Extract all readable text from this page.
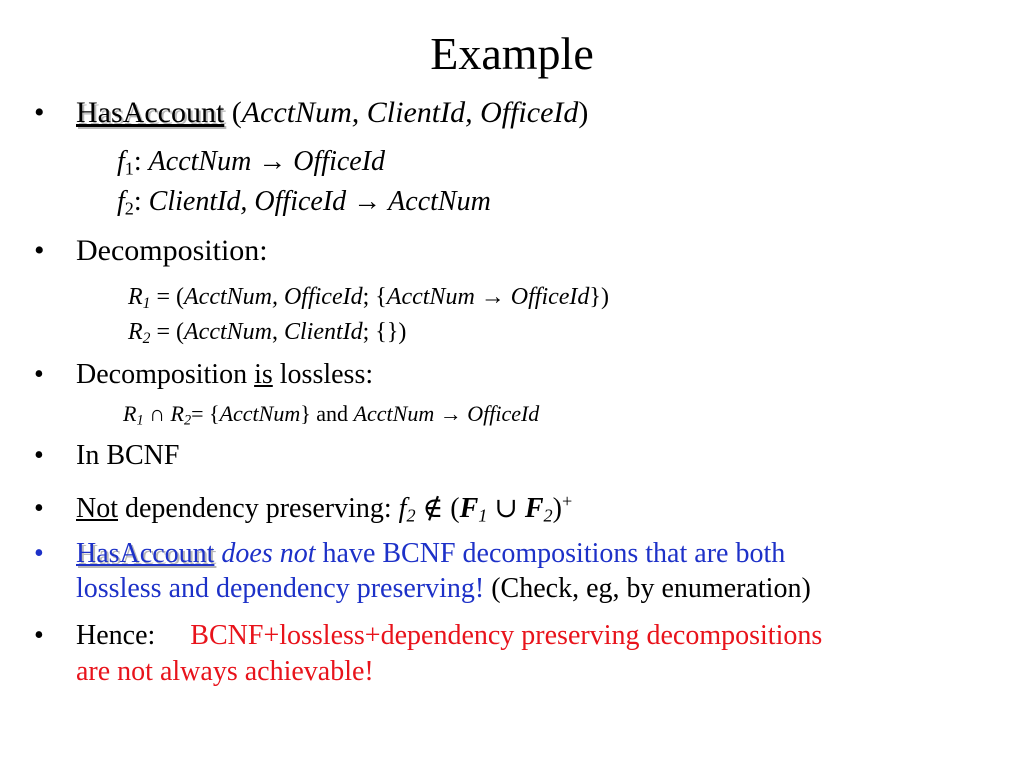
Example
• HasAccount (AcctNum, ClientId, OfficeId)
$f_1$: AcctNum → OfficeId
$f_2$: ClientId, OfficeId → AcctNum
• Decomposition:
$R_1$ = (AcctNum, OfficeId; {AcctNum → OfficeId})
$R_2$ = (AcctNum, ClientId; {})
• Decomposition is lossless:
$R_1$ ∩ $R_2=$ {AcctNum} and AcctNum → OfficeId
• In BCNF
• Not dependency preserving: $f_2$ ∉ ($F_1$ ∪ $F_2)^+$
• HasAccount does not have BCNF decompositions that are both
lossless and dependency preserving! (Check, eg, by enumeration)
• Hence: BCNF+lossless+dependency preserving decompositions
are not always achievable!
